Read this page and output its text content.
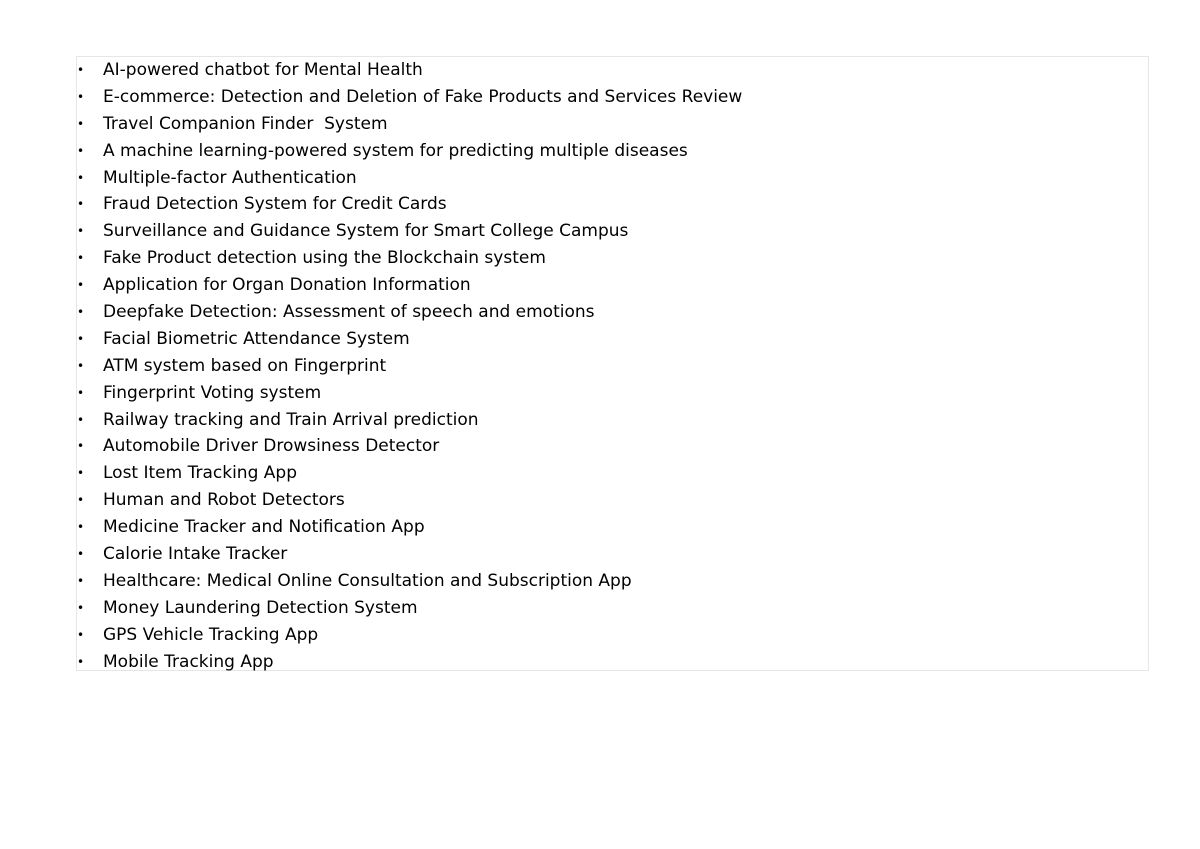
• AI-powered chatbot for Mental Health
• E-commerce: Detection and Deletion of Fake Products and Services Review
• Travel Companion Finder  System
• A machine learning-powered system for predicting multiple diseases
• Multiple-factor Authentication
• Fraud Detection System for Credit Cards
• Surveillance and Guidance System for Smart College Campus
• Fake Product detection using the Blockchain system
• Application for Organ Donation Information
• Deepfake Detection: Assessment of speech and emotions
• Facial Biometric Attendance System
• ATM system based on Fingerprint
• Fingerprint Voting system
• Railway tracking and Train Arrival prediction
• Automobile Driver Drowsiness Detector
• Lost Item Tracking App
• Human and Robot Detectors
• Medicine Tracker and Notification App
• Calorie Intake Tracker
• Healthcare: Medical Online Consultation and Subscription App
• Money Laundering Detection System
• GPS Vehicle Tracking App
• Mobile Tracking App
